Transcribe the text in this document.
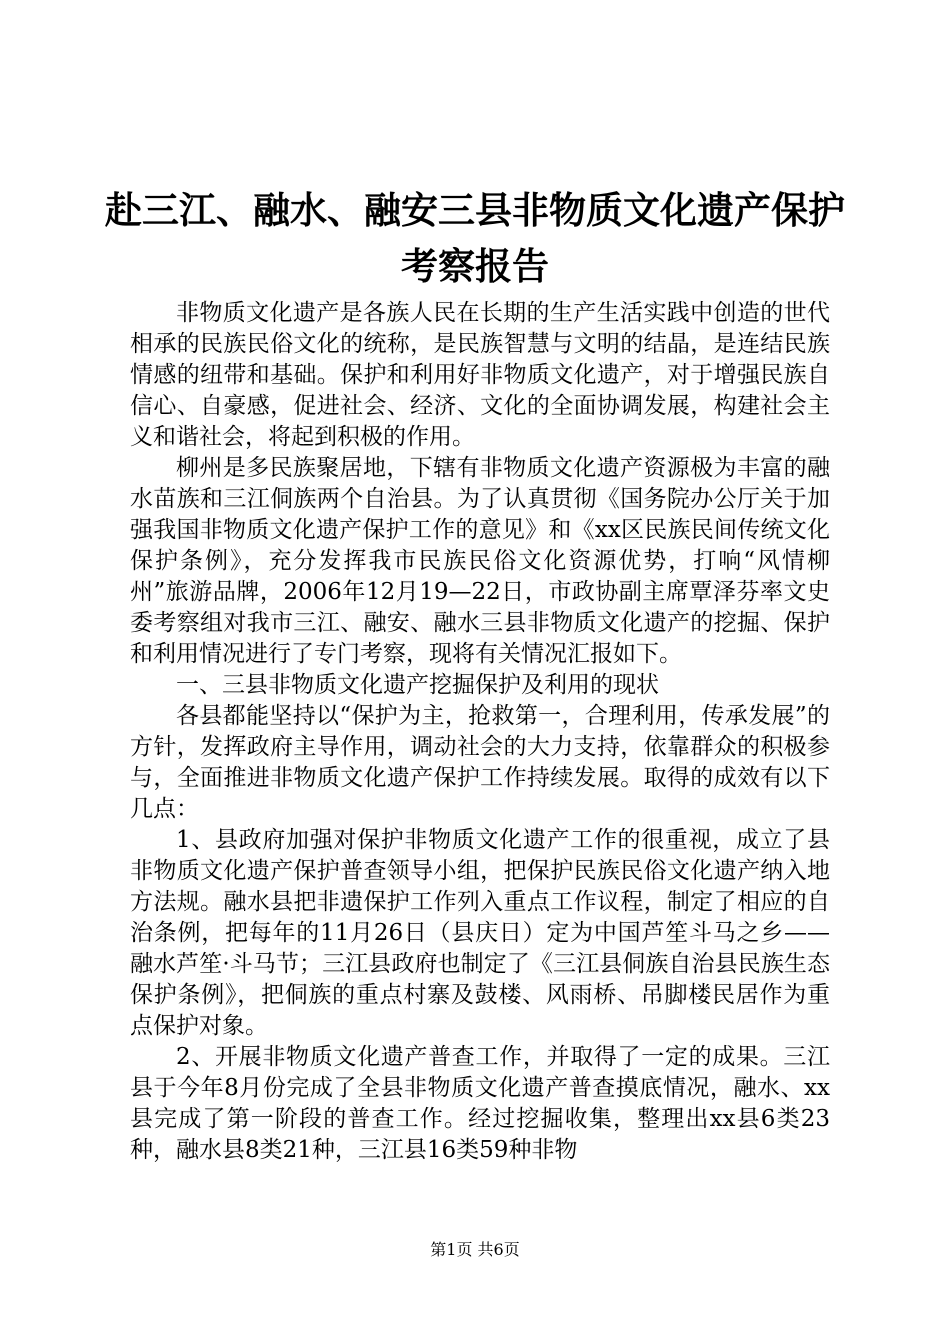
赴三江、融水、融安三县非物质文化遗产保护
考察报告

非物质文化遗产是各族人民在长期的生产生活实践中创造的世代相承的民族民俗文化的统称，是民族智慧与文明的结晶，是连结民族情感的纽带和基础。保护和利用好非物质文化遗产，对于增强民族自信心、自豪感，促进社会、经济、文化的全面协调发展，构建社会主义和谐社会，将起到积极的作用。

柳州是多民族聚居地，下辖有非物质文化遗产资源极为丰富的融水苗族和三江侗族两个自治县。为了认真贯彻《国务院办公厅关于加强我国非物质文化遗产保护工作的意见》和《xx区民族民间传统文化保护条例》，充分发挥我市民族民俗文化资源优势，打响“风情柳州”旅游品牌，2006年12月19—22日，市政协副主席覃泽芬率文史委考察组对我市三江、融安、融水三县非物质文化遗产的挖掘、保护和利用情况进行了专门考察，现将有关情况汇报如下。

一、三县非物质文化遗产挖掘保护及利用的现状

各县都能坚持以“保护为主，抢救第一，合理利用，传承发展”的方针，发挥政府主导作用，调动社会的大力支持，依靠群众的积极参与，全面推进非物质文化遗产保护工作持续发展。取得的成效有以下几点：

1、县政府加强对保护非物质文化遗产工作的很重视，成立了县非物质文化遗产保护普查领导小组，把保护民族民俗文化遗产纳入地方法规。融水县把非遗保护工作列入重点工作议程，制定了相应的自治条例，把每年的11月26日（县庆日）定为中国芦笙斗马之乡——融水芦笙·斗马节；三江县政府也制定了《三江县侗族自治县民族生态保护条例》，把侗族的重点村寨及鼓楼、风雨桥、吊脚楼民居作为重点保护对象。

2、开展非物质文化遗产普查工作，并取得了一定的成果。三江县于今年8月份完成了全县非物质文化遗产普查摸底情况，融水、xx县完成了第一阶段的普查工作。经过挖掘收集，整理出xx县6类23种，融水县8类21种，三江县16类59种非物

第1页 共6页
